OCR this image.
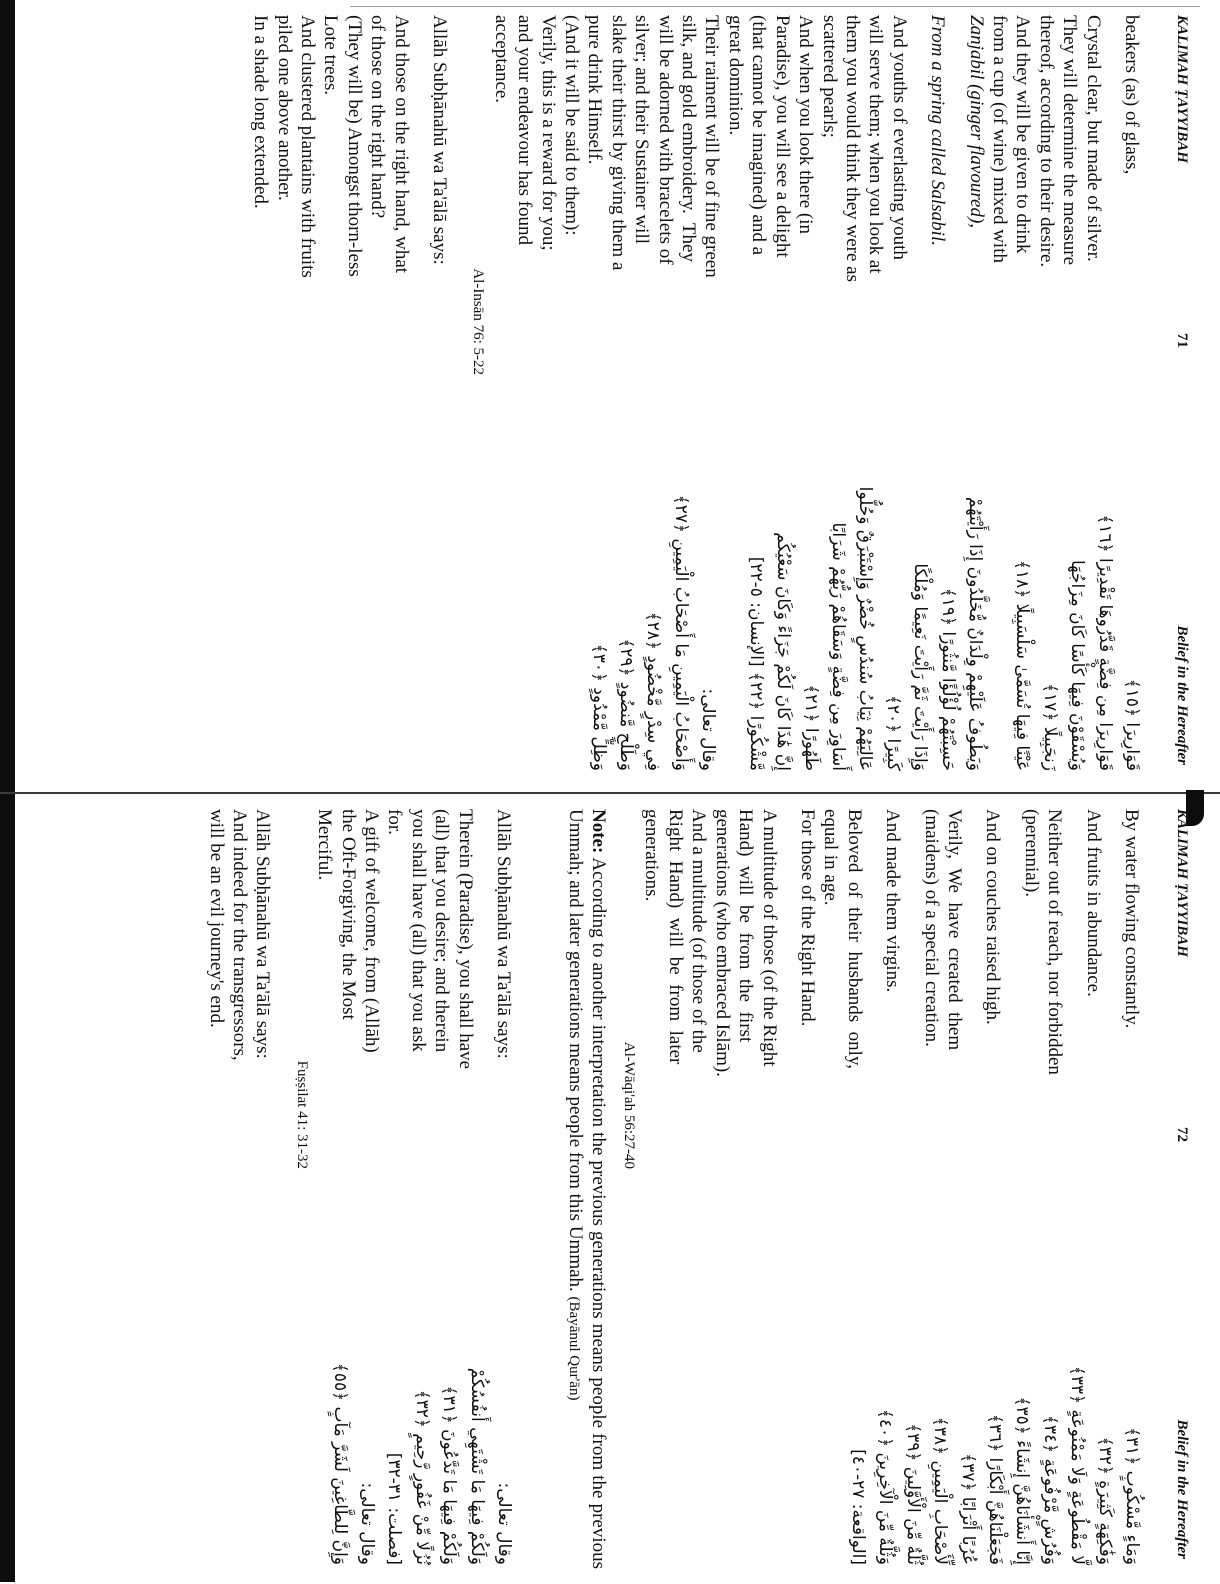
KALIMAH ṬAYYIBAH
71
Belief in the Hereafter
beakers (as) of glass,
Crystal clear, but made of silver.
They will determine the measure
thereof, according to their desire.
And they will be given to drink
from a cup (of wine) mixed with
Zanjabil (ginger flavoured),
From a spring called Salsabil.
And youths of everlasting youth
will serve them; when you look at
them you would think they were as
scattered pearls;
And when you look there (in
Paradise), you will see a delight
(that cannot be imagined) and a
great dominion.
Their raiment will be of fine green
silk, and gold embroidery.  They
will be adorned with bracelets of
silver; and their Sustainer will
slake their thirst by giving them a
pure drink Himself.
(And it will be said to them):
Verily, this is a reward for you;
and your endeavour has found
acceptance.
Al-Insān 76: 5-22
Allāh Subḥānahū wa Ta'ālā says:
And those on the right hand, what
of those on the right hand?
(They will be) Amongst thorn-less
Lote trees.
And clustered plantains with fruits
piled one above another.
In a shade long extended.
قَوَارِيرَا ﴿١٥﴾
قَوَارِيرَا مِن فِضَّةٍ قَدَّرُوهَا تَقْدِيرًا ﴿١٦﴾
وَيُسْقَوْنَ فِيهَا كَأْسًا كَانَ مِزَاجُهَا
زَنجَبِيلًا ﴿١٧﴾
عَيْنًا فِيهَا تُسَمَّىٰ سَلْسَبِيلًا ﴿١٨﴾
وَيَطُوفُ عَلَيْهِمْ وِلْدَانٌ مُّخَلَّدُونَ إِذَا رَأَيْتَهُمْ
حَسِبْتَهُمْ لُؤْلُؤًا مَّنثُورًا ﴿١٩﴾
وَإِذَا رَأَيْتَ ثَمَّ رَأَيْتَ نَعِيمًا وَمُلْكًا
كَبِيرًا ﴿٢٠﴾
عَالِيَهُمْ ثِيَابُ سُندُسٍ خُضْرٌ وَإِسْتَبْرَقٌ وَحُلُّوا
أَسَاوِرَ مِن فِضَّةٍ وَسَقَاهُمْ رَبُّهُمْ شَرَابًا
طَهُورًا ﴿٢١﴾
إِنَّ هَٰذَا كَانَ لَكُمْ جَزَاءً وَكَانَ سَعْيُكُم
مَّشْكُورًا ﴿٢٢﴾ [الإنسان: ٥-٢٢]
وقال تعالى:
وَأَصْحَابُ الْيَمِينِ مَا أَصْحَابُ الْيَمِينِ ﴿٢٧﴾
فِي سِدْرٍ مَّخْضُودٍ ﴿٢٨﴾
وَطَلْحٍ مَّنضُودٍ ﴿٢٩﴾
وَظِلٍّ مَّمْدُودٍ ﴿٣٠﴾
KALIMAH ṬAYYIBAH
72
Belief in the Hereafter
By water flowing constantly.
And fruits in abundance.
Neither out of reach, nor forbidden
(perennial).
And on couches raised high.
Verily,  We  have  created  them
(maidens) of a special creation.
And made them virgins.
Beloved  of  their  husbands  only,
equal in age.
For those of the Right Hand.
A multitude of those (of the Right
Hand)  will  be  from  the  first
generations (who embraced Islām).
And a multitude (of those of the
Right  Hand)  will  be  from  later
generations.
Al-Wāqi'ah 56:27-40
وَمَاءٍ مَّسْكُوبٍ ﴿٣١﴾
وَفَٰكِهَةٍ كَثِيرَةٍ ﴿٣٢﴾
لَّا مَقْطُوعَةٍ وَلَا مَمْنُوعَةٍ ﴿٣٣﴾
وَفُرُشٍ مَّرْفُوعَةٍ ﴿٣٤﴾
إِنَّا أَنشَأْنَاهُنَّ إِنشَاءً ﴿٣٥﴾
فَجَعَلْنَاهُنَّ أَبْكَارًا ﴿٣٦﴾
عُرُبًا أَتْرَابًا ﴿٣٧﴾
لِّأَصْحَابِ الْيَمِينِ ﴿٣٨﴾
ثُلَّةٌ مِّنَ الْأَوَّلِينَ ﴿٣٩﴾
وَثُلَّةٌ مِّنَ الْآخِرِينَ ﴿٤٠﴾
[الواقعة: ٢٧-٤٠]
Note: According to another interpretation the previous generations means people from the previous Ummah; and later generations means people from this Ummah. (Bayānul Qur'ān)
Allāh Subḥānahū wa Ta'ālā says:
Therein (Paradise), you shall have
(all) that you desire; and therein
you shall have (all) that you ask
for.
A gift of welcome, from (Allāh)
the Oft-Forgiving, the Most
Merciful.
Fuṣṣilat 41: 31-32
Allāh Subḥānahū wa Ta'ālā says:
And indeed for the transgressors,
will be an evil journey's end.
وقال تعالى:
وَلَكُمْ فِيهَا مَا تَشْتَهِي أَنفُسُكُمْ
وَلَكُمْ فِيهَا مَا تَدَّعُونَ ﴿٣١﴾
نُزُلًا مِّنْ غَفُورٍ رَّحِيمٍ ﴿٣٢﴾
[فصلت: ٣١-٣٢]
وقال تعالى:
وَإِنَّ لِلطَّاغِينَ لَشَرَّ مَآبٍ ﴿٥٥﴾
